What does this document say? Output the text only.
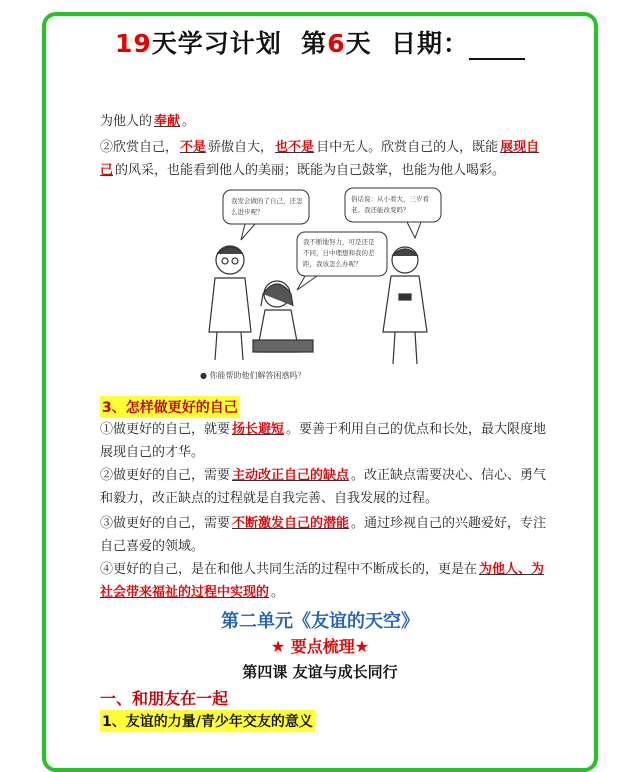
19天学习计划 第6天 日期：
为他人的 奉献 。
②欣赏自己， 不是 骄傲自大， 也不是 目中无人。欣赏自己的人，既能 展现自己 的风采，也能看到他人的美丽；既能为自己鼓掌，也能为他人喝彩。
我发会做的了自己，还怎
么进步呢？
我不断地努力，可是还是
不同，日中理想和我的差
距，我该怎么办呢？
俗话说：从小看大，三岁看
老。我还能改变吗？
● 你能帮助他们解答困惑吗？
3、怎样做更好的自己
①做更好的自己，就要 扬长避短 。要善于利用自己的优点和长处，最大限度地展现自己的才华。
②做更好的自己，需要 主动改正自己的缺点 。改正缺点需要决心、信心、勇气和毅力，改正缺点的过程就是自我完善、自我发展的过程。
③做更好的自己，需要 不断激发自己的潜能 。通过珍视自己的兴趣爱好，专注自己喜爱的领域。
④更好的自己，是在和他人共同生活的过程中不断成长的，更是在 为他人、为社会带来福祉的过程中实现的 。
第二单元《友谊的天空》
★ 要点梳理★
第四课 友谊与成长同行
一、和朋友在一起
1、友谊的力量/青少年交友的意义
